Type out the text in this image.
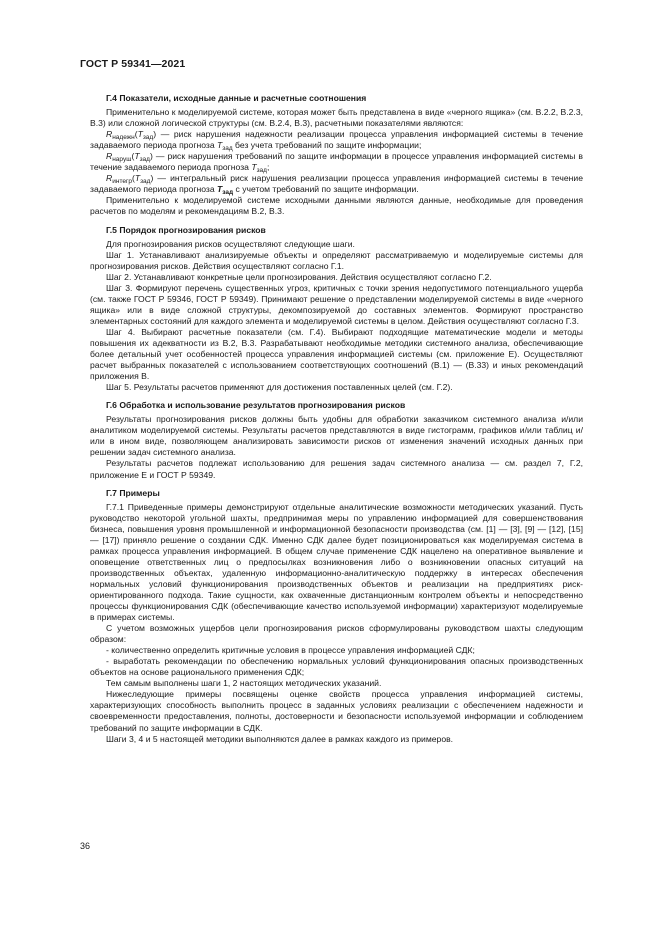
ГОСТ Р 59341—2021

Г.4 Показатели, исходные данные и расчетные соотношения

Применительно к моделируемой системе, которая может быть представлена в виде «черного ящика» (см. В.2.2, В.2.3, В.3) или сложной логической структуры (см. В.2.4, В.3), расчетными показателями являются:

$R_{надежн}(T_{зад})$ — риск нарушения надежности реализации процесса управления информацией системы в течение задаваемого периода прогноза $T_{зад}$ без учета требований по защите информации;

$R_{наруш}(T_{зад})$ — риск нарушения требований по защите информации в процессе управления информацией системы в течение задаваемого периода прогноза $T_{зад}$;

$R_{интегр}(T_{зад})$ — интегральный риск нарушения реализации процесса управления информацией системы в течение задаваемого периода прогноза $T_{зад}$ с учетом требований по защите информации.

Применительно к моделируемой системе исходными данными являются данные, необходимые для проведения расчетов по моделям и рекомендациям В.2, В.3.

Г.5 Порядок прогнозирования рисков

Для прогнозирования рисков осуществляют следующие шаги.

Шаг 1. Устанавливают анализируемые объекты и определяют рассматриваемую и моделируемые системы для прогнозирования рисков. Действия осуществляют согласно Г.1.

Шаг 2. Устанавливают конкретные цели прогнозирования. Действия осуществляют согласно Г.2.

Шаг 3. Формируют перечень существенных угроз, критичных с точки зрения недопустимого потенциального ущерба (см. также ГОСТ Р 59346, ГОСТ Р 59349). Принимают решение о представлении моделируемой системы в виде «черного ящика» или в виде сложной структуры, декомпозируемой до составных элементов. Формируют пространство элементарных состояний для каждого элемента и моделируемой системы в целом. Действия осуществляют согласно Г.3.

Шаг 4. Выбирают расчетные показатели (см. Г.4). Выбирают подходящие математические модели и методы повышения их адекватности из В.2, В.3. Разрабатывают необходимые методики системного анализа, обеспечивающие более детальный учет особенностей процесса управления информацией системы (см. приложение Е). Осуществляют расчет выбранных показателей с использованием соответствующих соотношений (В.1) — (В.33) и иных рекомендаций приложения В.

Шаг 5. Результаты расчетов применяют для достижения поставленных целей (см. Г.2).

Г.6 Обработка и использование результатов прогнозирования рисков

Результаты прогнозирования рисков должны быть удобны для обработки заказчиком системного анализа и/или аналитиком моделируемой системы. Результаты расчетов представляются в виде гистограмм, графиков и/или таблиц и/или в ином виде, позволяющем анализировать зависимости рисков от изменения значений исходных данных при решении задач системного анализа.

Результаты расчетов подлежат использованию для решения задач системного анализа — см. раздел 7, Г.2, приложение Е и ГОСТ Р 59349.

Г.7 Примеры

Г.7.1 Приведенные примеры демонстрируют отдельные аналитические возможности методических указаний. Пусть руководство некоторой угольной шахты, предпринимая меры по управлению информацией для совершенствования бизнеса, повышения уровня промышленной и информационной безопасности производства (см. [1] — [3], [9] — [12], [15] — [17]) приняло решение о создании СДК. Именно СДК далее будет позиционироваться как моделируемая система в рамках процесса управления информацией. В общем случае применение СДК нацелено на оперативное выявление и оповещение ответственных лиц о предпосылках возникновения либо о возникновении опасных ситуаций на производственных объектах, удаленную информационно-аналитическую поддержку в интересах обеспечения нормальных условий функционирования производственных объектов и реализации на предприятиях риск-ориентированного подхода. Такие сущности, как охваченные дистанционным контролем объекты и непосредственно процессы функционирования СДК (обеспечивающие качество используемой информации) характеризуют моделируемые в примерах системы.

С учетом возможных ущербов цели прогнозирования рисков сформулированы руководством шахты следующим образом:

- количественно определить критичные условия в процессе управления информацией СДК;

- выработать рекомендации по обеспечению нормальных условий функционирования опасных производственных объектов на основе рационального применения СДК;

Тем самым выполнены шаги 1, 2 настоящих методических указаний.

Нижеследующие примеры посвящены оценке свойств процесса управления информацией системы, характеризующих способность выполнить процесс в заданных условиях реализации с обеспечением надежности и своевременности предоставления, полноты, достоверности и безопасности используемой информации и соблюдением требований по защите информации в СДК.

Шаги 3, 4 и 5 настоящей методики выполняются далее в рамках каждого из примеров.

36
